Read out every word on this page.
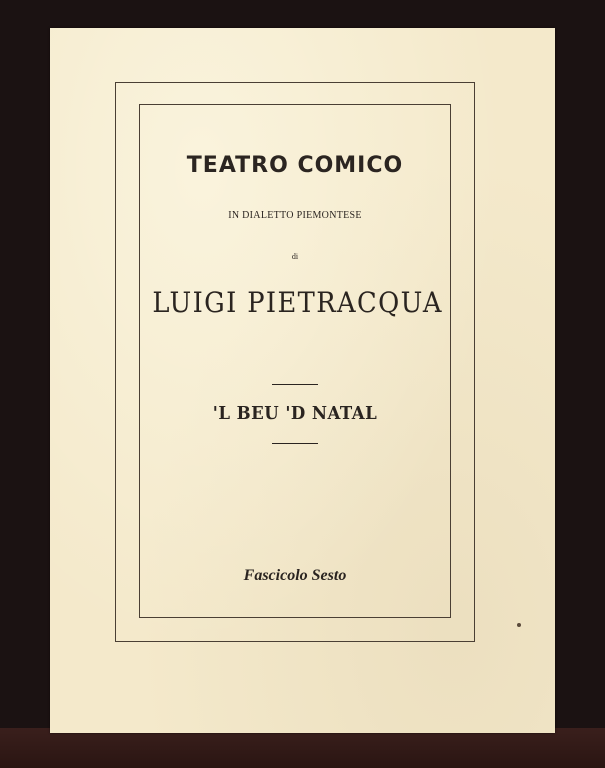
TEATRO COMICO
IN DIALETTO PIEMONTESE
di
LUIGI PIETRACQUA
'L BEU 'D NATAL
Fascicolo Sesto
